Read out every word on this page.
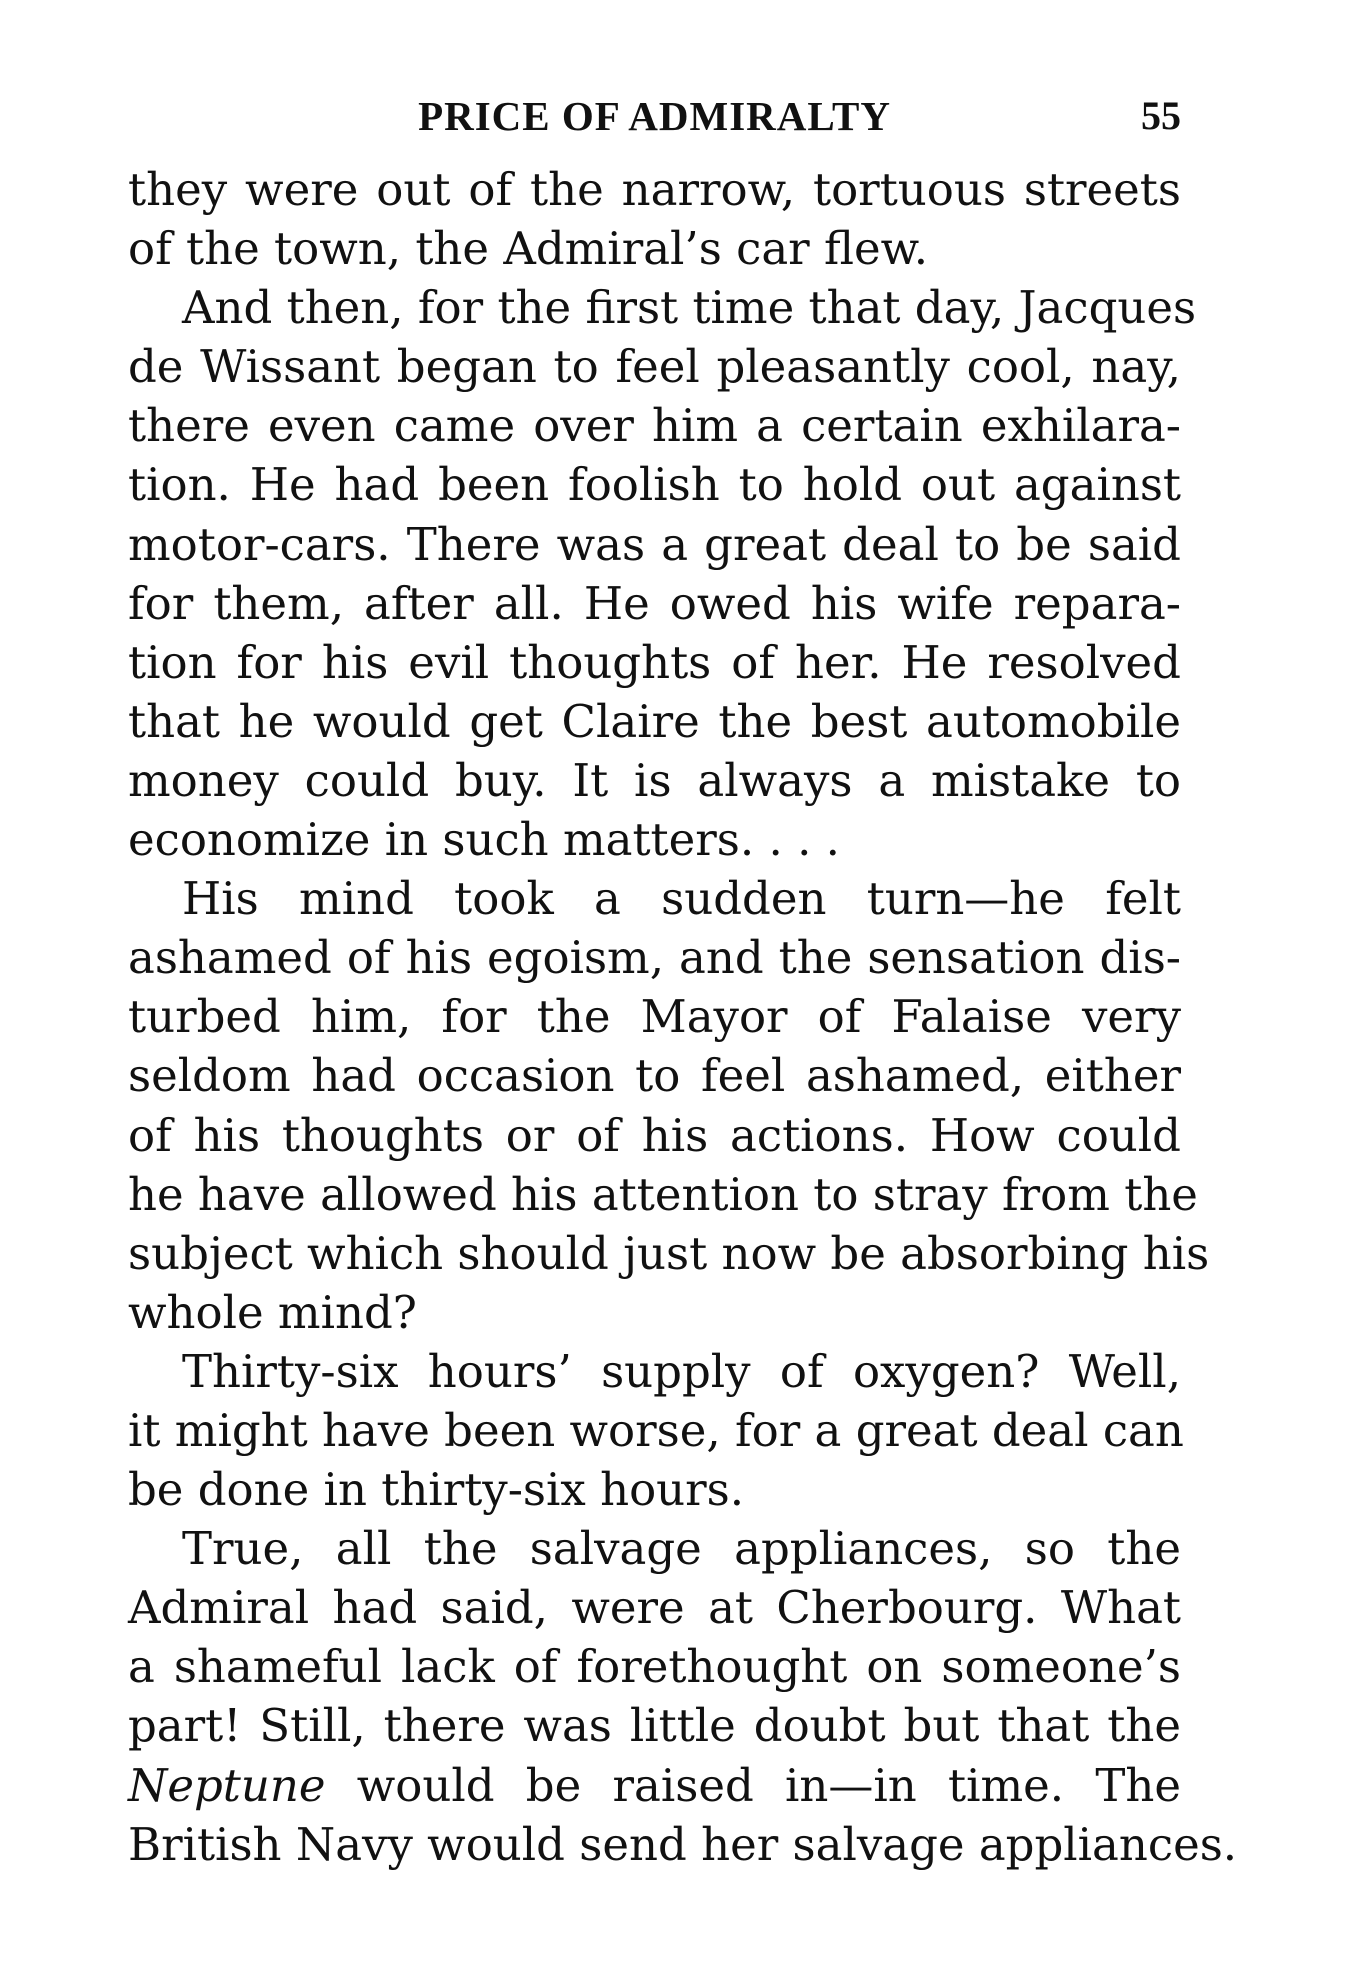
PRICE OF ADMIRALTY	55
they were out of the narrow, tortuous streets
of the town, the Admiral’s car flew.
And then, for the first time that day, Jacques
de Wissant began to feel pleasantly cool, nay,
there even came over him a certain exhilara-
tion. He had been foolish to hold out against
motor-cars. There was a great deal to be said
for them, after all. He owed his wife repara-
tion for his evil thoughts of her. He resolved
that he would get Claire the best automobile
money could buy. It is always a mistake to
economize in such matters. . . .
His mind took a sudden turn—he felt
ashamed of his egoism, and the sensation dis-
turbed him, for the Mayor of Falaise very
seldom had occasion to feel ashamed, either
of his thoughts or of his actions. How could
he have allowed his attention to stray from the
subject which should just now be absorbing his
whole mind?
Thirty-six hours’ supply of oxygen? Well,
it might have been worse, for a great deal can
be done in thirty-six hours.
True, all the salvage appliances, so the
Admiral had said, were at Cherbourg. What
a shameful lack of forethought on someone’s
part! Still, there was little doubt but that the
Neptune would be raised in—in time. The
British Navy would send her salvage appliances.
